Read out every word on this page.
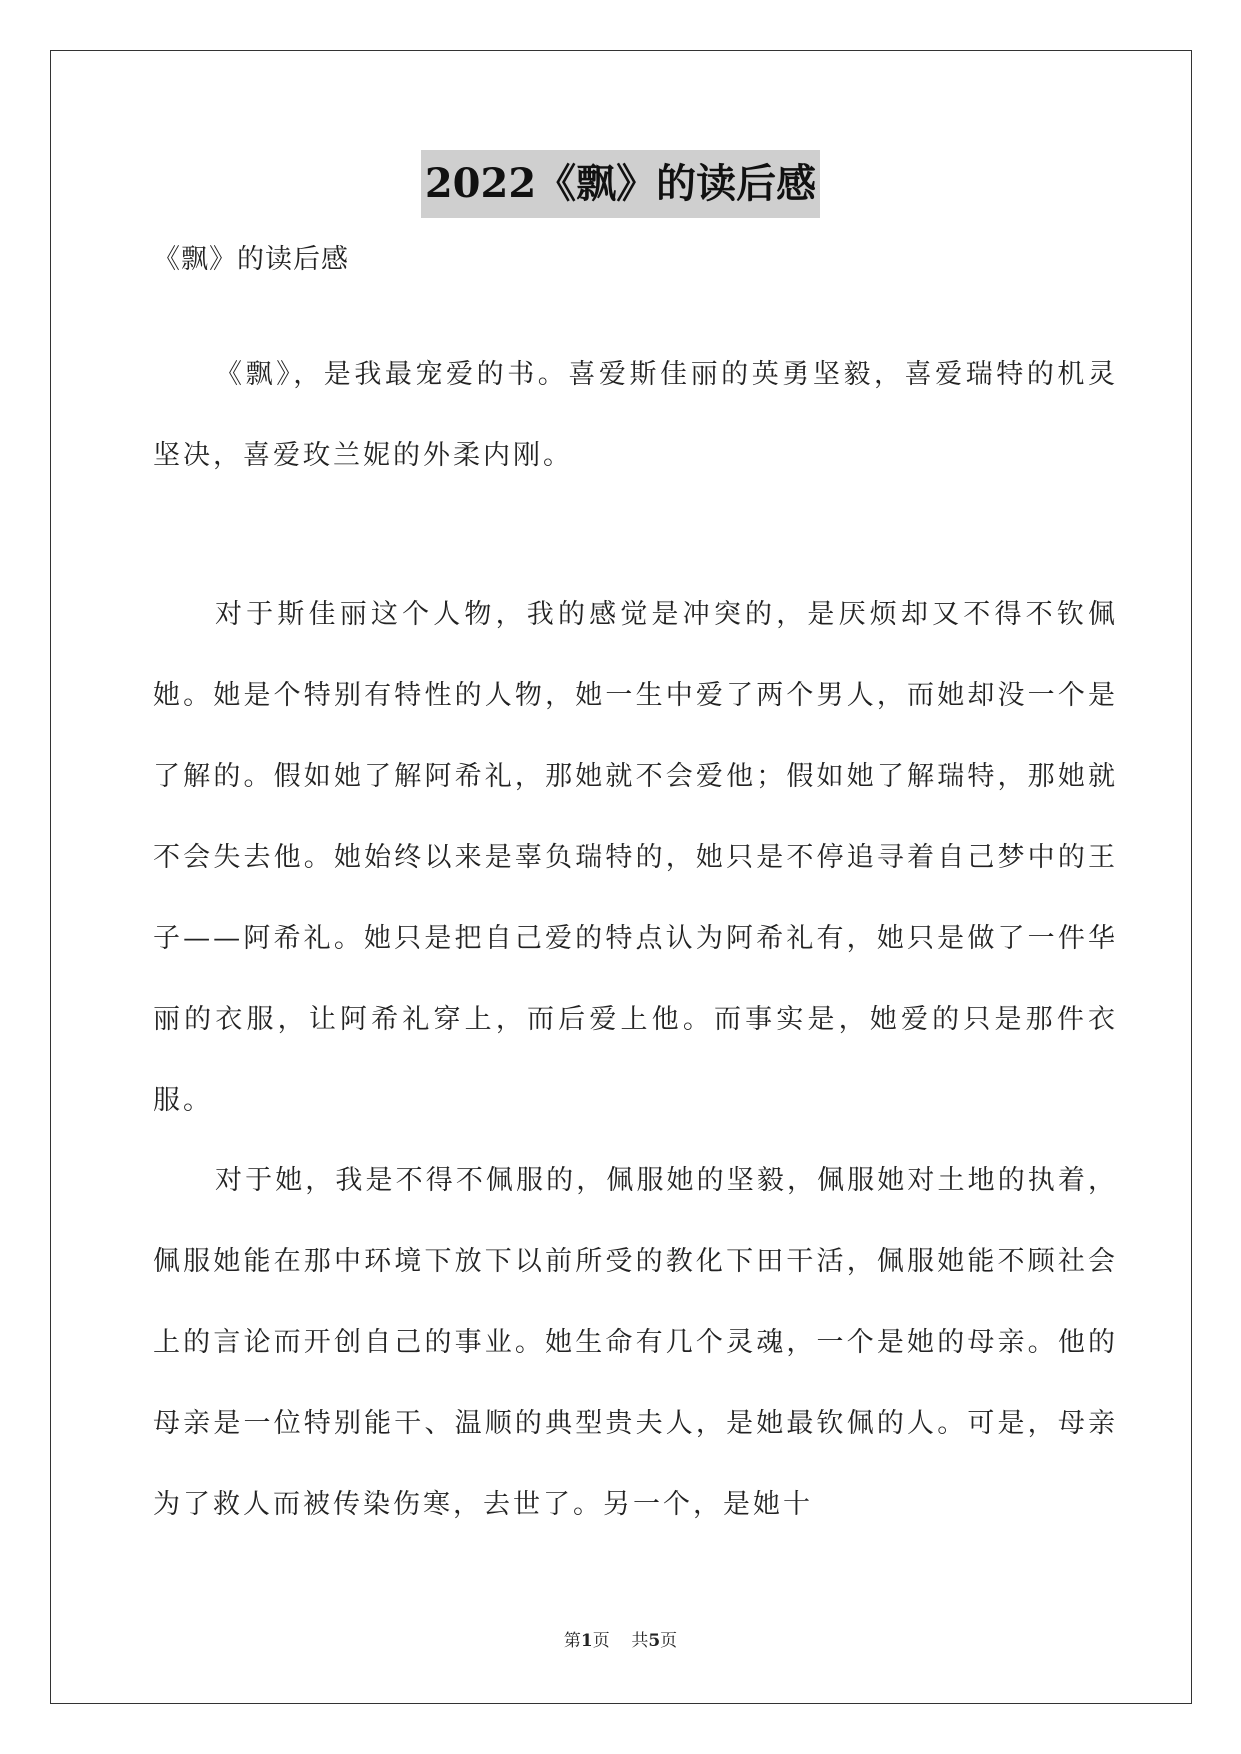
2022《飘》的读后感
《飘》的读后感

《飘》，是我最宠爱的书。喜爱斯佳丽的英勇坚毅，喜爱瑞特的机灵坚决，喜爱玫兰妮的外柔内刚。

对于斯佳丽这个人物，我的感觉是冲突的，是厌烦却又不得不钦佩她。她是个特别有特性的人物，她一生中爱了两个男人，而她却没一个是了解的。假如她了解阿希礼，那她就不会爱他；假如她了解瑞特，那她就不会失去他。她始终以来是辜负瑞特的，她只是不停追寻着自己梦中的王子——阿希礼。她只是把自己爱的特点认为阿希礼有，她只是做了一件华丽的衣服，让阿希礼穿上，而后爱上他。而事实是，她爱的只是那件衣服。

对于她，我是不得不佩服的，佩服她的坚毅，佩服她对土地的执着，佩服她能在那中环境下放下以前所受的教化下田干活，佩服她能不顾社会上的言论而开创自己的事业。她生命有几个灵魂，一个是她的母亲。他的母亲是一位特别能干、温顺的典型贵夫人，是她最钦佩的人。可是，母亲为了救人而被传染伤寒，去世了。另一个，是她十

第1页 共5页
